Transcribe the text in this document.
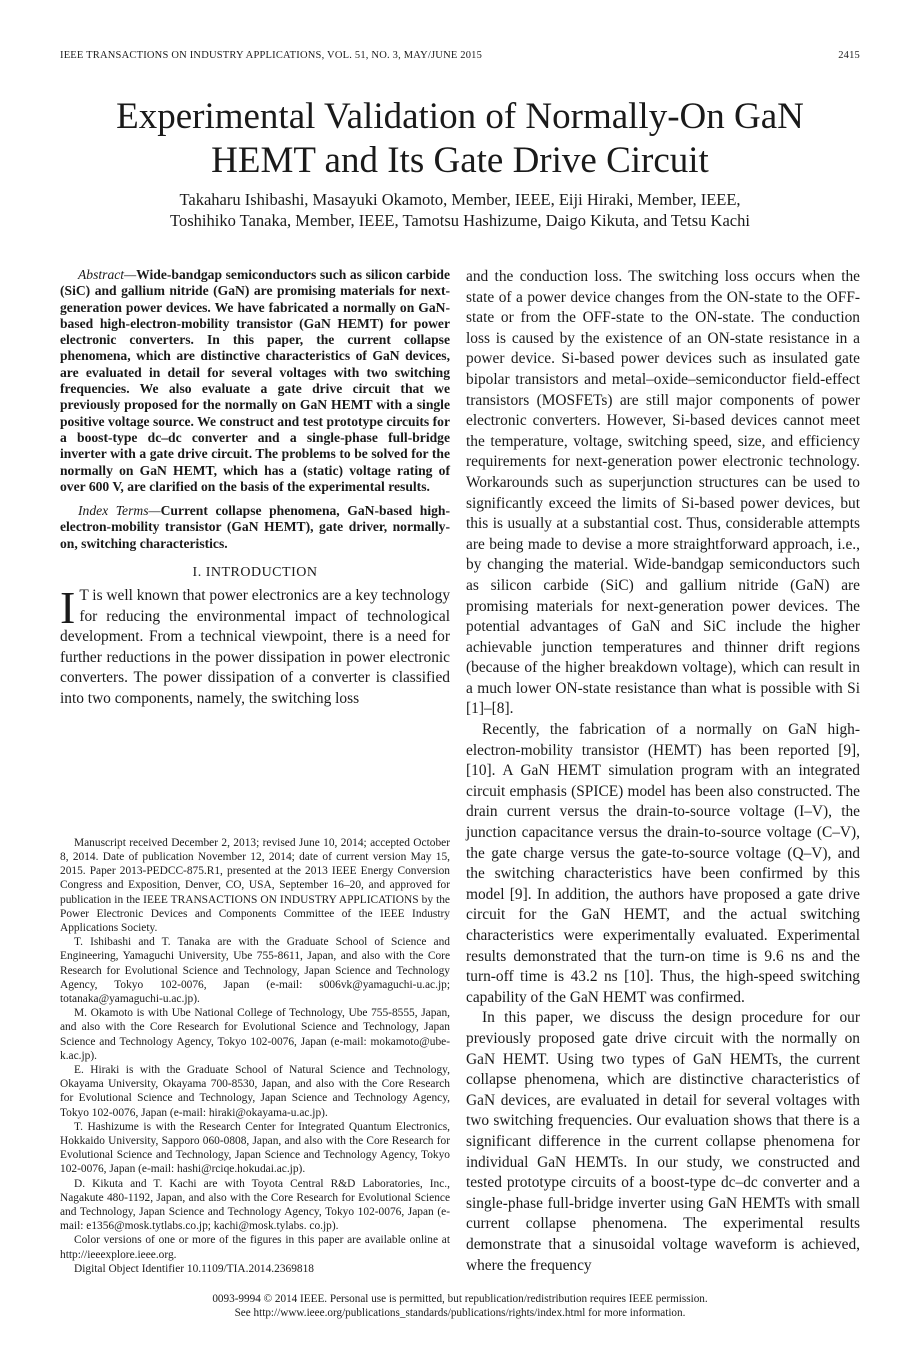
IEEE TRANSACTIONS ON INDUSTRY APPLICATIONS, VOL. 51, NO. 3, MAY/JUNE 2015	2415
Experimental Validation of Normally-On GaN HEMT and Its Gate Drive Circuit
Takaharu Ishibashi, Masayuki Okamoto, Member, IEEE, Eiji Hiraki, Member, IEEE,
Toshihiko Tanaka, Member, IEEE, Tamotsu Hashizume, Daigo Kikuta, and Tetsu Kachi

Abstract—Wide-bandgap semiconductors such as silicon carbide (SiC) and gallium nitride (GaN) are promising materials for next-generation power devices. We have fabricated a normally on GaN-based high-electron-mobility transistor (GaN HEMT) for power electronic converters. In this paper, the current collapse phenomena, which are distinctive characteristics of GaN devices, are evaluated in detail for several voltages with two switching frequencies. We also evaluate a gate drive circuit that we previously proposed for the normally on GaN HEMT with a single positive voltage source. We construct and test prototype circuits for a boost-type dc–dc converter and a single-phase full-bridge inverter with a gate drive circuit. The problems to be solved for the normally on GaN HEMT, which has a (static) voltage rating of over 600 V, are clarified on the basis of the experimental results.

Index Terms—Current collapse phenomena, GaN-based high-electron-mobility transistor (GaN HEMT), gate driver, normally-on, switching characteristics.

I. INTRODUCTION

I T is well known that power electronics are a key technology for reducing the environmental impact of technological development. From a technical viewpoint, there is a need for further reductions in the power dissipation in power electronic converters. The power dissipation of a converter is classified into two components, namely, the switching loss

Manuscript received December 2, 2013; revised June 10, 2014; accepted October 8, 2014. Date of publication November 12, 2014; date of current version May 15, 2015. Paper 2013-PEDCC-875.R1, presented at the 2013 IEEE Energy Conversion Congress and Exposition, Denver, CO, USA, September 16–20, and approved for publication in the IEEE TRANSACTIONS ON INDUSTRY APPLICATIONS by the Power Electronic Devices and Components Committee of the IEEE Industry Applications Society.

T. Ishibashi and T. Tanaka are with the Graduate School of Science and Engineering, Yamaguchi University, Ube 755-8611, Japan, and also with the Core Research for Evolutional Science and Technology, Japan Science and Technology Agency, Tokyo 102-0076, Japan (e-mail: s006vk@yamaguchi-u.ac.jp; totanaka@yamaguchi-u.ac.jp).

M. Okamoto is with Ube National College of Technology, Ube 755-8555, Japan, and also with the Core Research for Evolutional Science and Technology, Japan Science and Technology Agency, Tokyo 102-0076, Japan (e-mail: mokamoto@ube-k.ac.jp).

E. Hiraki is with the Graduate School of Natural Science and Technology, Okayama University, Okayama 700-8530, Japan, and also with the Core Research for Evolutional Science and Technology, Japan Science and Technology Agency, Tokyo 102-0076, Japan (e-mail: hiraki@okayama-u.ac.jp).

T. Hashizume is with the Research Center for Integrated Quantum Electronics, Hokkaido University, Sapporo 060-0808, Japan, and also with the Core Research for Evolutional Science and Technology, Japan Science and Technology Agency, Tokyo 102-0076, Japan (e-mail: hashi@rciqe.hokudai.ac.jp).

D. Kikuta and T. Kachi are with Toyota Central R&D Laboratories, Inc., Nagakute 480-1192, Japan, and also with the Core Research for Evolutional Science and Technology, Japan Science and Technology Agency, Tokyo 102-0076, Japan (e-mail: e1356@mosk.tytlabs.co.jp; kachi@mosk.tylabs. co.jp).

Color versions of one or more of the figures in this paper are available online at http://ieeexplore.ieee.org.

Digital Object Identifier 10.1109/TIA.2014.2369818

and the conduction loss. The switching loss occurs when the state of a power device changes from the ON-state to the OFF-state or from the OFF-state to the ON-state. The conduction loss is caused by the existence of an ON-state resistance in a power device. Si-based power devices such as insulated gate bipolar transistors and metal–oxide–semiconductor field-effect transistors (MOSFETs) are still major components of power electronic converters. However, Si-based devices cannot meet the temperature, voltage, switching speed, size, and efficiency requirements for next-generation power electronic technology. Workarounds such as superjunction structures can be used to significantly exceed the limits of Si-based power devices, but this is usually at a substantial cost. Thus, considerable attempts are being made to devise a more straightforward approach, i.e., by changing the material. Wide-bandgap semiconductors such as silicon carbide (SiC) and gallium nitride (GaN) are promising materials for next-generation power devices. The potential advantages of GaN and SiC include the higher achievable junction temperatures and thinner drift regions (because of the higher breakdown voltage), which can result in a much lower ON-state resistance than what is possible with Si [1]–[8].

Recently, the fabrication of a normally on GaN high-electron-mobility transistor (HEMT) has been reported [9], [10]. A GaN HEMT simulation program with an integrated circuit emphasis (SPICE) model has been also constructed. The drain current versus the drain-to-source voltage (I–V), the junction capacitance versus the drain-to-source voltage (C–V), the gate charge versus the gate-to-source voltage (Q–V), and the switching characteristics have been confirmed by this model [9]. In addition, the authors have proposed a gate drive circuit for the GaN HEMT, and the actual switching characteristics were experimentally evaluated. Experimental results demonstrated that the turn-on time is 9.6 ns and the turn-off time is 43.2 ns [10]. Thus, the high-speed switching capability of the GaN HEMT was confirmed.

In this paper, we discuss the design procedure for our previously proposed gate drive circuit with the normally on GaN HEMT. Using two types of GaN HEMTs, the current collapse phenomena, which are distinctive characteristics of GaN devices, are evaluated in detail for several voltages with two switching frequencies. Our evaluation shows that there is a significant difference in the current collapse phenomena for individual GaN HEMTs. In our study, we constructed and tested prototype circuits of a boost-type dc–dc converter and a single-phase full-bridge inverter using GaN HEMTs with small current collapse phenomena. The experimental results demonstrate that a sinusoidal voltage waveform is achieved, where the frequency

0093-9994 © 2014 IEEE. Personal use is permitted, but republication/redistribution requires IEEE permission.
See http://www.ieee.org/publications_standards/publications/rights/index.html for more information.
